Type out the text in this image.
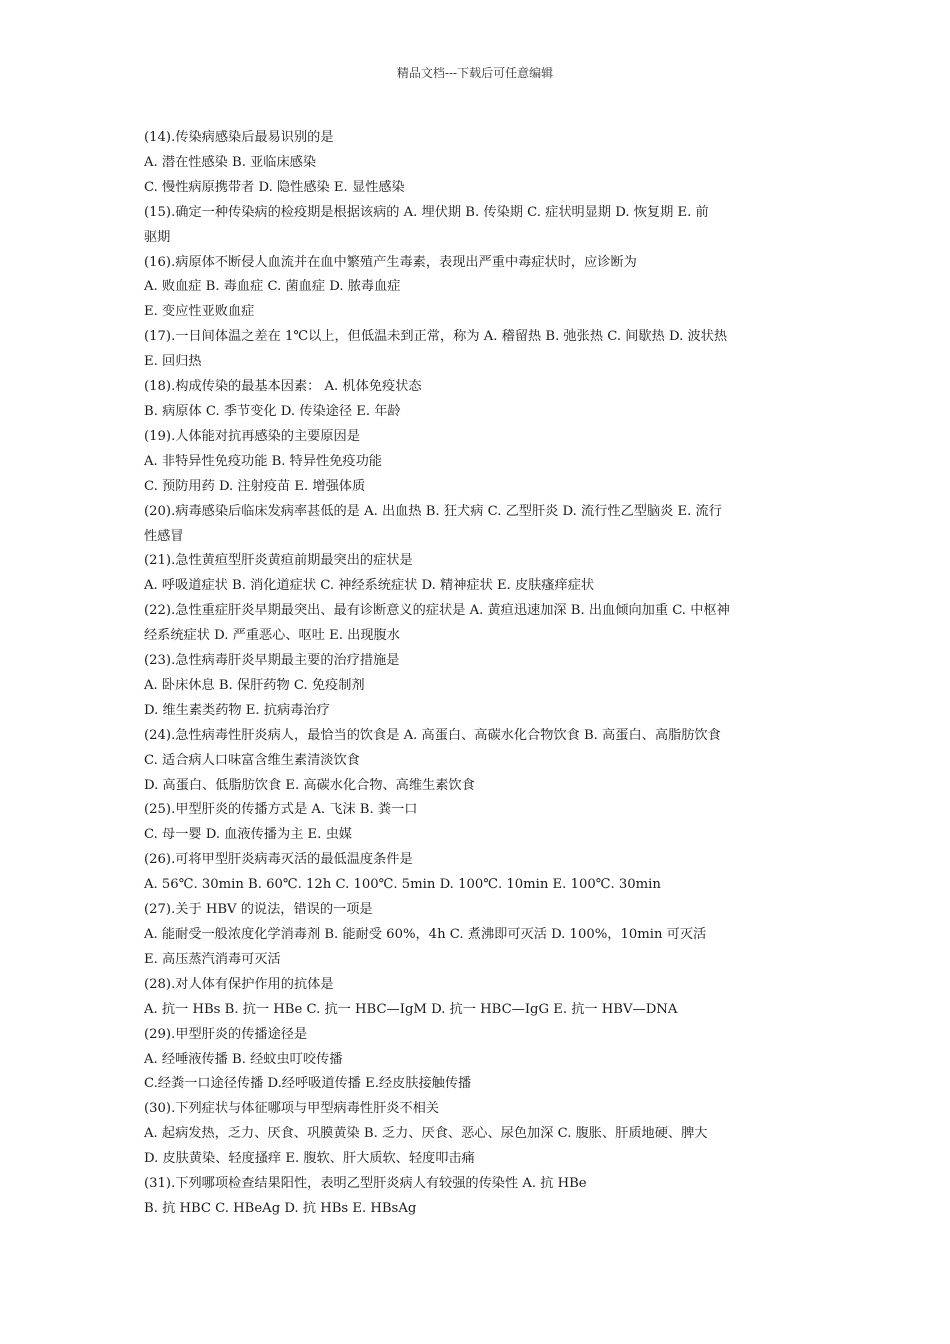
精品文档---下载后可任意编辑
(14).传染病感染后最易识别的是
A. 潜在性感染 B. 亚临床感染
C. 慢性病原携带者 D. 隐性感染 E. 显性感染
(15).确定一种传染病的检疫期是根据该病的 A. 埋伏期 B. 传染期 C. 症状明显期 D. 恢复期 E. 前
驱期
(16).病原体不断侵人血流并在血中繁殖产生毒素，表现出严重中毒症状时，应诊断为
A. 败血症 B. 毒血症 C. 菌血症 D. 脓毒血症
E. 变应性亚败血症
(17).一日间体温之差在 1℃以上，但低温未到正常，称为 A. 稽留热 B. 弛张热 C. 间歇热 D. 波状热
E. 回归热
(18).构成传染的最基本因素： A. 机体免疫状态
B. 病原体 C. 季节变化 D. 传染途径 E. 年龄
(19).人体能对抗再感染的主要原因是
A. 非特异性免疫功能 B. 特异性免疫功能
C. 预防用药 D. 注射疫苗 E. 增强体质
(20).病毒感染后临床发病率甚低的是 A. 出血热 B. 狂犬病 C. 乙型肝炎 D. 流行性乙型脑炎 E. 流行
性感冒
(21).急性黄疸型肝炎黄疸前期最突出的症状是
A. 呼吸道症状 B. 消化道症状 C. 神经系统症状 D. 精神症状 E. 皮肤瘙痒症状
(22).急性重症肝炎早期最突出、最有诊断意义的症状是 A. 黄疸迅速加深 B. 出血倾向加重 C. 中枢神
经系统症状 D. 严重恶心、呕吐 E. 出现腹水
(23).急性病毒肝炎早期最主要的治疗措施是
A. 卧床休息 B. 保肝药物 C. 免疫制剂
D. 维生素类药物 E. 抗病毒治疗
(24).急性病毒性肝炎病人，最恰当的饮食是 A. 高蛋白、高碳水化合物饮食 B. 高蛋白、高脂肪饮食
C. 适合病人口味富含维生素清淡饮食
D. 高蛋白、低脂肪饮食 E. 高碳水化合物、高维生素饮食
(25).甲型肝炎的传播方式是 A. 飞沫 B. 粪一口
C. 母一婴 D. 血液传播为主 E. 虫媒
(26).可将甲型肝炎病毒灭活的最低温度条件是
A. 56℃. 30min B. 60℃. 12h C. 100℃. 5min D. 100℃. 10min E. 100℃. 30min
(27).关于 HBV 的说法，错误的一项是
A. 能耐受一般浓度化学消毒剂 B. 能耐受 60%，4h C. 煮沸即可灭活 D. 100%，10min 可灭活
E. 高压蒸汽消毒可灭活
(28).对人体有保护作用的抗体是
A. 抗一 HBs B. 抗一 HBe C. 抗一 HBC—IgM D. 抗一 HBC—IgG E. 抗一 HBV—DNA
(29).甲型肝炎的传播途径是
A. 经唾液传播 B. 经蚊虫叮咬传播
C.经粪一口途径传播 D.经呼吸道传播 E.经皮肤接触传播
(30).下列症状与体征哪项与甲型病毒性肝炎不相关
A. 起病发热，乏力、厌食、巩膜黄染 B. 乏力、厌食、恶心、尿色加深 C. 腹胀、肝质地硬、脾大
D. 皮肤黄染、轻度搔痒 E. 腹软、肝大质软、轻度叩击痛
(31).下列哪项检查结果阳性，表明乙型肝炎病人有较强的传染性 A. 抗 HBe
B. 抗 HBC C. HBeAg D. 抗 HBs E. HBsAg
